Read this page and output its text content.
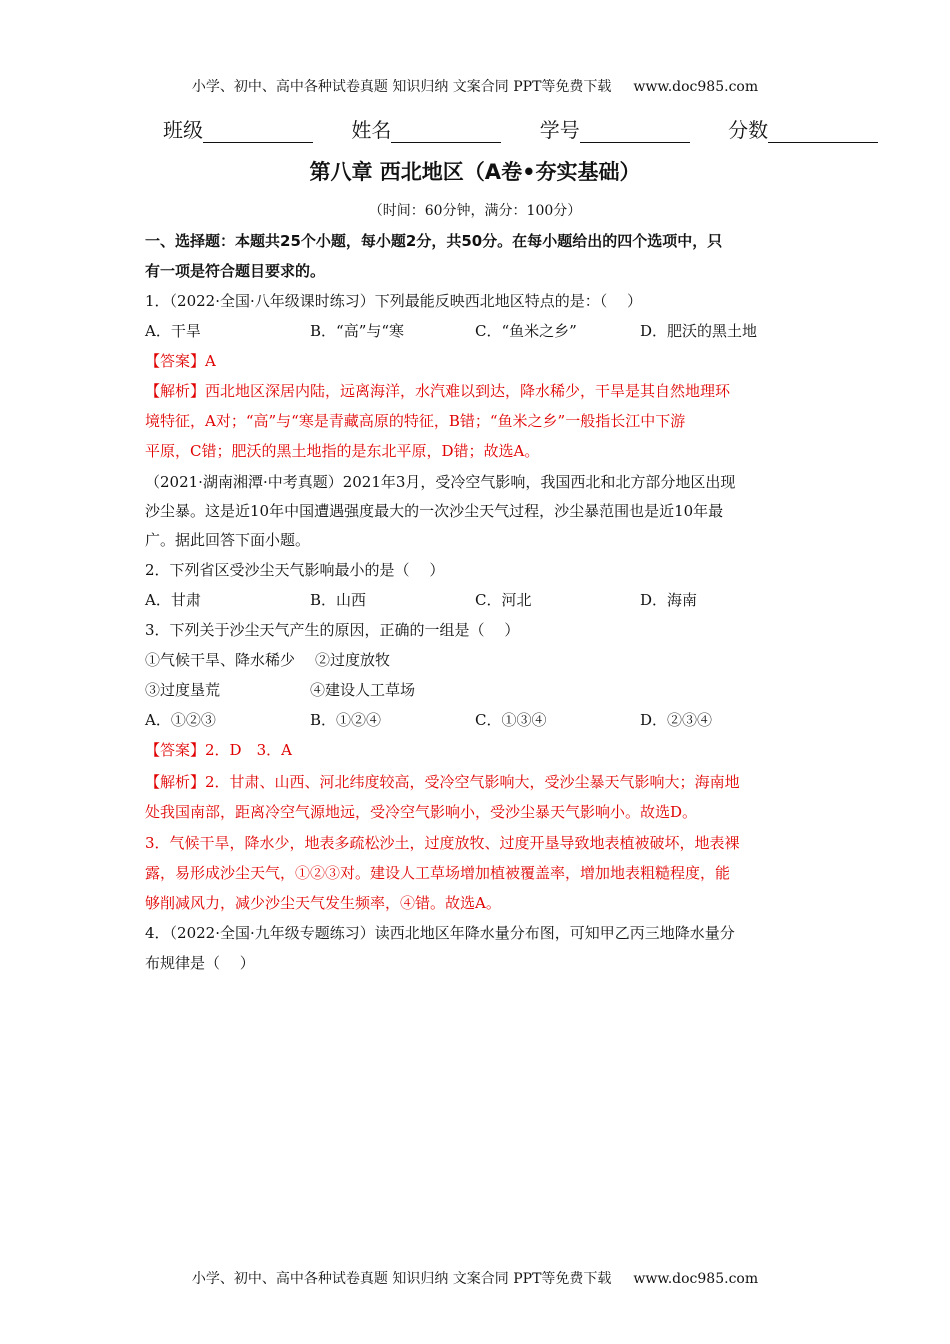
小学、初中、高中各种试卷真题 知识归纳 文案合同 PPT等免费下载 www.doc985.com
班级	姓名	学号	分数
第八章 西北地区（A卷•夯实基础）
（时间：60分钟，满分：100分）
一、选择题：本题共25个小题，每小题2分，共50分。在每小题给出的四个选项中，只
有一项是符合题目要求的。
1．（2022·全国·八年级课时练习）下列最能反映西北地区特点的是：（　 ）
A．干旱	B．“高”与“寒	C．“鱼米之乡”	D．肥沃的黑土地
【答案】A
【解析】西北地区深居内陆，远离海洋，水汽难以到达，降水稀少，干旱是其自然地理环
境特征，A对；“高”与“寒是青藏高原的特征，B错；“鱼米之乡”一般指长江中下游
平原，C错；肥沃的黑土地指的是东北平原，D错；故选A。
（2021·湖南湘潭·中考真题）2021年3月，受冷空气影响，我国西北和北方部分地区出现
沙尘暴。这是近10年中国遭遇强度最大的一次沙尘天气过程，沙尘暴范围也是近10年最
广。据此回答下面小题。
2．下列省区受沙尘天气影响最小的是（　 ）
A．甘肃	B．山西	C．河北	D．海南
3．下列关于沙尘天气产生的原因，正确的一组是（　 ）
①气候干旱、降水稀少 ②过度放牧
③过度垦荒	④建设人工草场
A．①②③	B．①②④	C．①③④	D．②③④
【答案】2．D　3．A
【解析】2．甘肃、山西、河北纬度较高，受冷空气影响大，受沙尘暴天气影响大；海南地
处我国南部，距离冷空气源地远，受冷空气影响小，受沙尘暴天气影响小。故选D。
3．气候干旱，降水少，地表多疏松沙土，过度放牧、过度开垦导致地表植被破坏，地表裸
露，易形成沙尘天气，①②③对。建设人工草场增加植被覆盖率，增加地表粗糙程度，能
够削减风力，减少沙尘天气发生频率，④错。故选A。
4．（2022·全国·九年级专题练习）读西北地区年降水量分布图，可知甲乙丙三地降水量分
布规律是（　 ）
小学、初中、高中各种试卷真题 知识归纳 文案合同 PPT等免费下载 www.doc985.com
